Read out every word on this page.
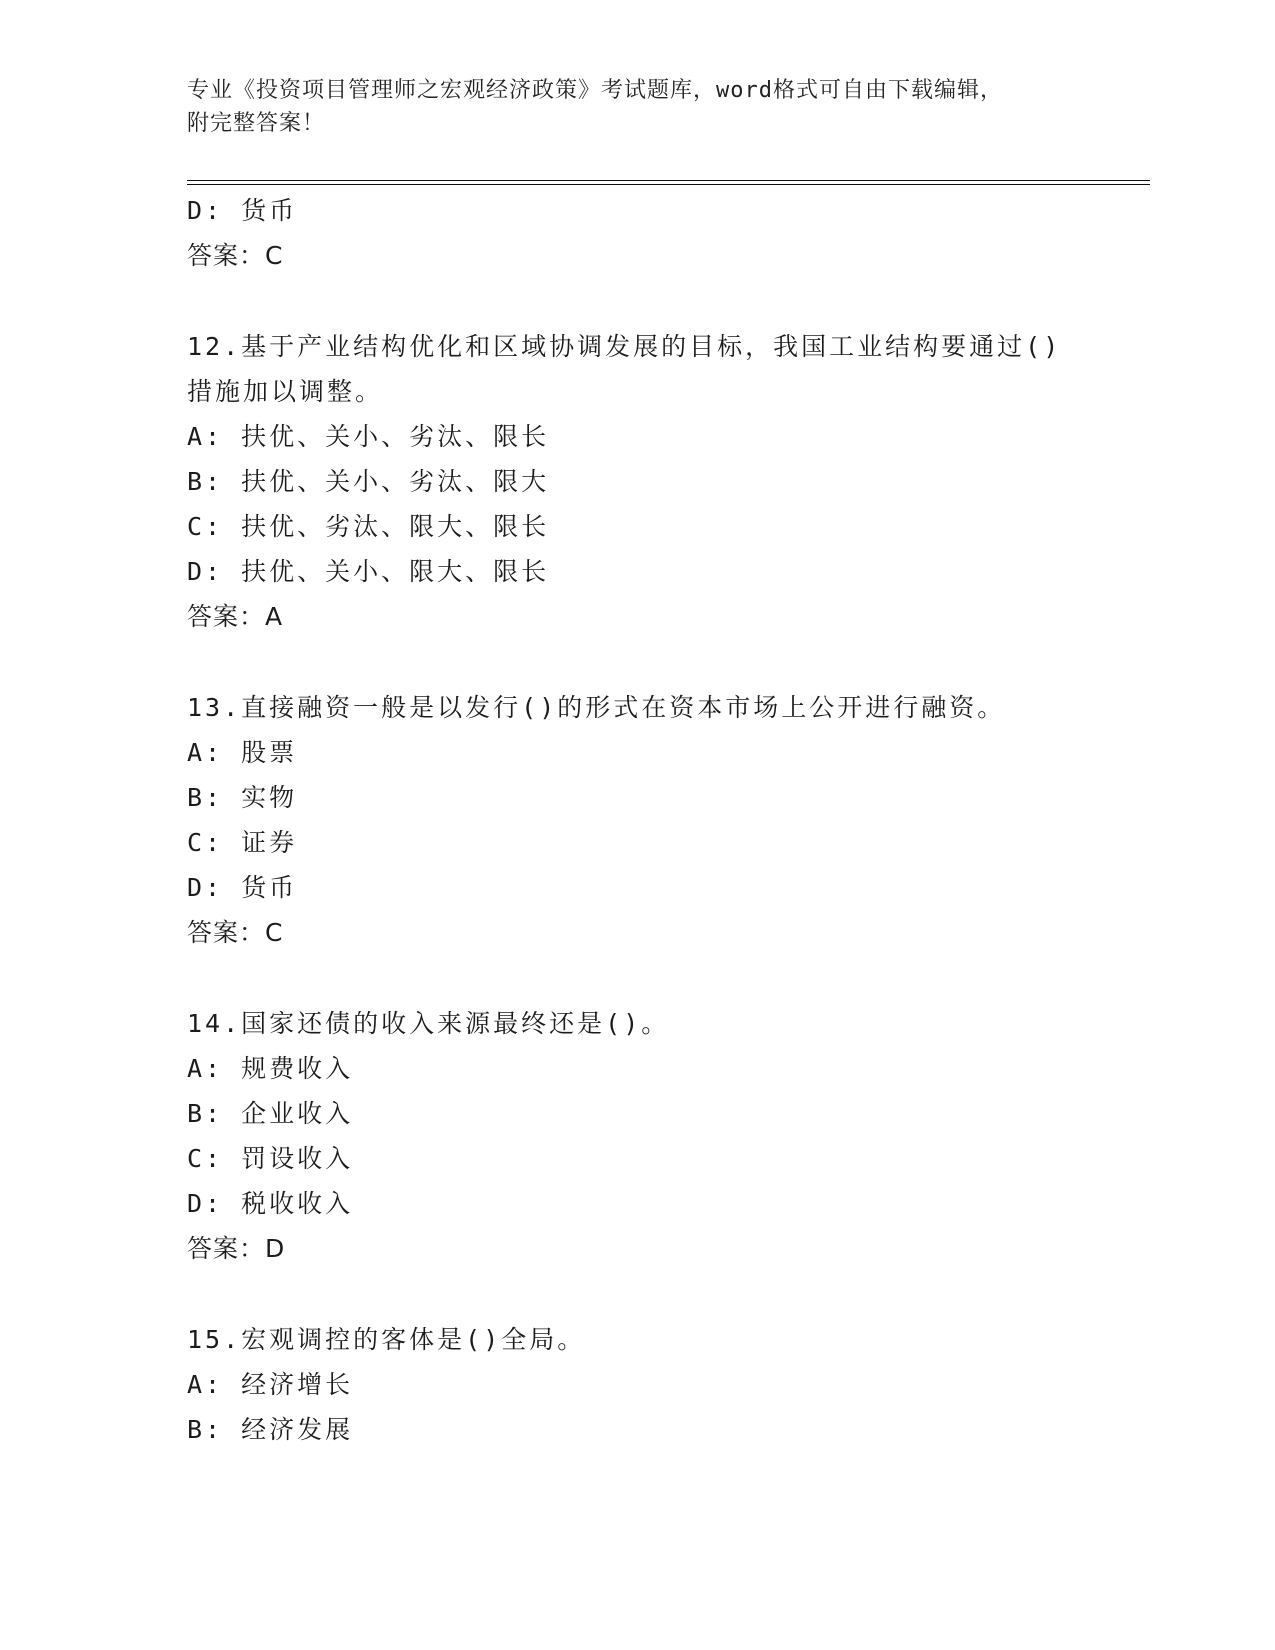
专业《投资项目管理师之宏观经济政策》考试题库，word格式可自由下载编辑，
附完整答案！
D: 货币
答案：C
12.基于产业结构优化和区域协调发展的目标，我国工业结构要通过()
措施加以调整。
A: 扶优、关小、劣汰、限长
B: 扶优、关小、劣汰、限大
C: 扶优、劣汰、限大、限长
D: 扶优、关小、限大、限长
答案：A
13.直接融资一般是以发行()的形式在资本市场上公开进行融资。
A: 股票
B: 实物
C: 证券
D: 货币
答案：C
14.国家还债的收入来源最终还是()。
A: 规费收入
B: 企业收入
C: 罚设收入
D: 税收收入
答案：D
15.宏观调控的客体是()全局。
A: 经济增长
B: 经济发展
